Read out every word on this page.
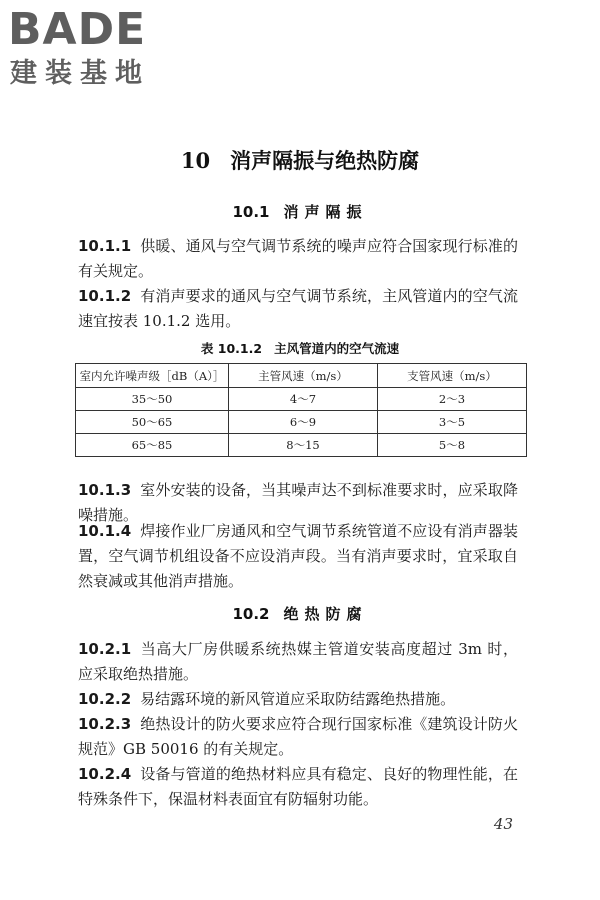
BADE
建装基地
10 消声隔振与绝热防腐
10.1 消声隔振
10.1.1 供暖、通风与空气调节系统的噪声应符合国家现行标准的有关规定。
10.1.2 有消声要求的通风与空气调节系统，主风管道内的空气流速宜按表 10.1.2 选用。
表 10.1.2 主风管道内的空气流速
室内允许噪声级［dB（A）］	主管风速（m/s）	支管风速（m/s）
35～50	4～7	2～3
50～65	6～9	3～5
65～85	8～15	5～8
10.1.3 室外安装的设备，当其噪声达不到标准要求时，应采取降噪措施。
10.1.4 焊接作业厂房通风和空气调节系统管道不应设有消声器装置，空气调节机组设备不应设消声段。当有消声要求时，宜采取自然衰减或其他消声措施。
10.2 绝热防腐
10.2.1 当高大厂房供暖系统热媒主管道安装高度超过 3m 时，应采取绝热措施。
10.2.2 易结露环境的新风管道应采取防结露绝热措施。
10.2.3 绝热设计的防火要求应符合现行国家标准《建筑设计防火规范》GB 50016 的有关规定。
10.2.4 设备与管道的绝热材料应具有稳定、良好的物理性能，在特殊条件下，保温材料表面宜有防辐射功能。
43
